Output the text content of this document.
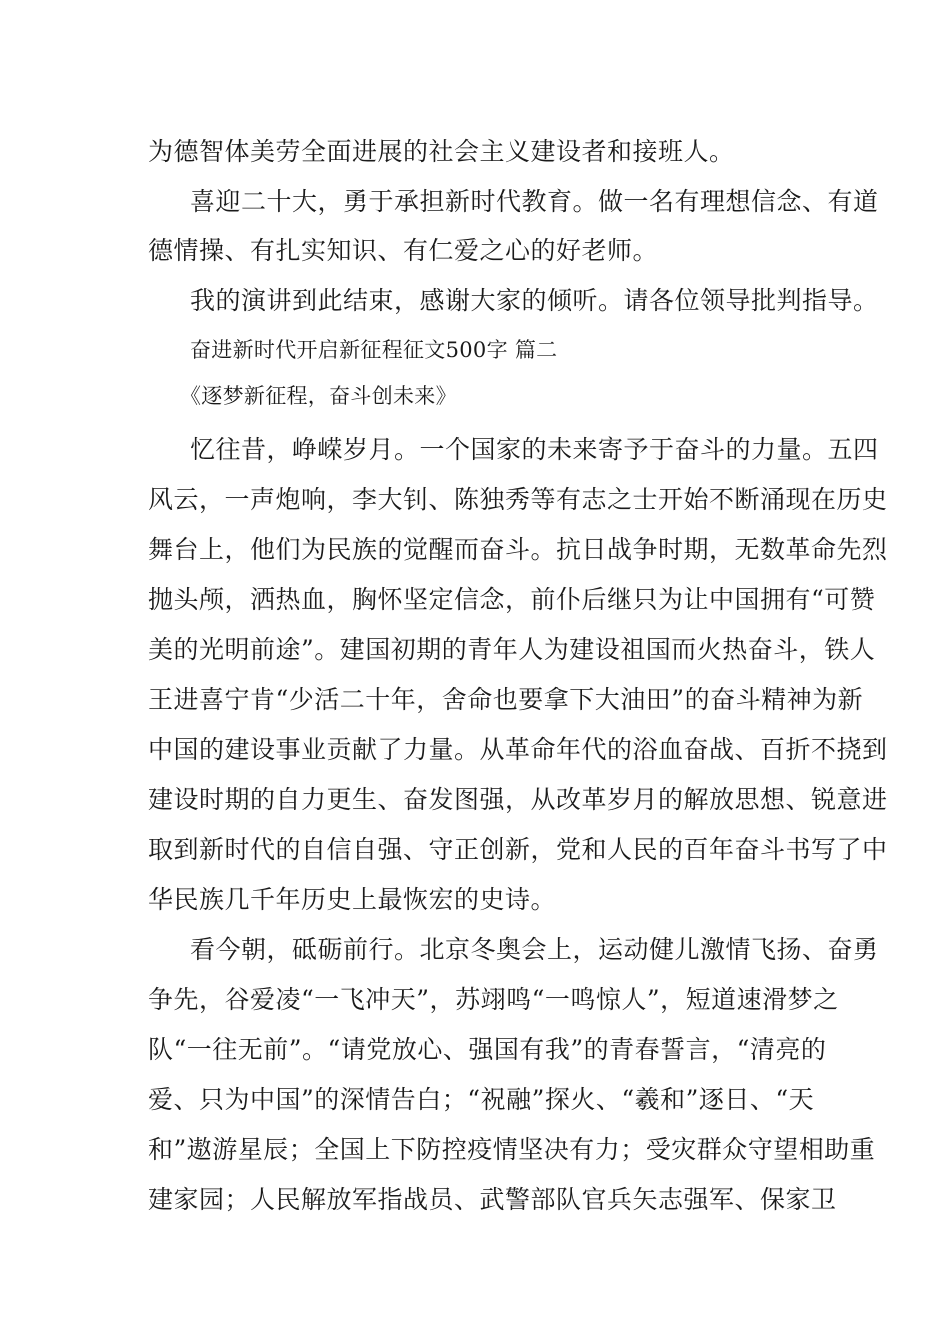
为德智体美劳全面进展的社会主义建设者和接班人。
喜迎二十大，勇于承担新时代教育。做一名有理想信念、有道
德情操、有扎实知识、有仁爱之心的好老师。
我的演讲到此结束，感谢大家的倾听。请各位领导批判指导。
奋进新时代开启新征程征文500字 篇二
《逐梦新征程，奋斗创未来》
忆往昔，峥嵘岁月。一个国家的未来寄予于奋斗的力量。五四
风云，一声炮响，李大钊、陈独秀等有志之士开始不断涌现在历史
舞台上，他们为民族的觉醒而奋斗。抗日战争时期，无数革命先烈
抛头颅，洒热血，胸怀坚定信念，前仆后继只为让中国拥有“可赞
美的光明前途”。建国初期的青年人为建设祖国而火热奋斗，铁人
王进喜宁肯“少活二十年，舍命也要拿下大油田”的奋斗精神为新
中国的建设事业贡献了力量。从革命年代的浴血奋战、百折不挠到
建设时期的自力更生、奋发图强，从改革岁月的解放思想、锐意进
取到新时代的自信自强、守正创新，党和人民的百年奋斗书写了中
华民族几千年历史上最恢宏的史诗。
看今朝，砥砺前行。北京冬奥会上，运动健儿激情飞扬、奋勇
争先，谷爱凌“一飞冲天”，苏翊鸣“一鸣惊人”，短道速滑梦之
队“一往无前”。“请党放心、强国有我”的青春誓言，“清亮的
爱、只为中国”的深情告白；“祝融”探火、“羲和”逐日、“天
和”遨游星辰；全国上下防控疫情坚决有力；受灾群众守望相助重
建家园；人民解放军指战员、武警部队官兵矢志强军、保家卫
